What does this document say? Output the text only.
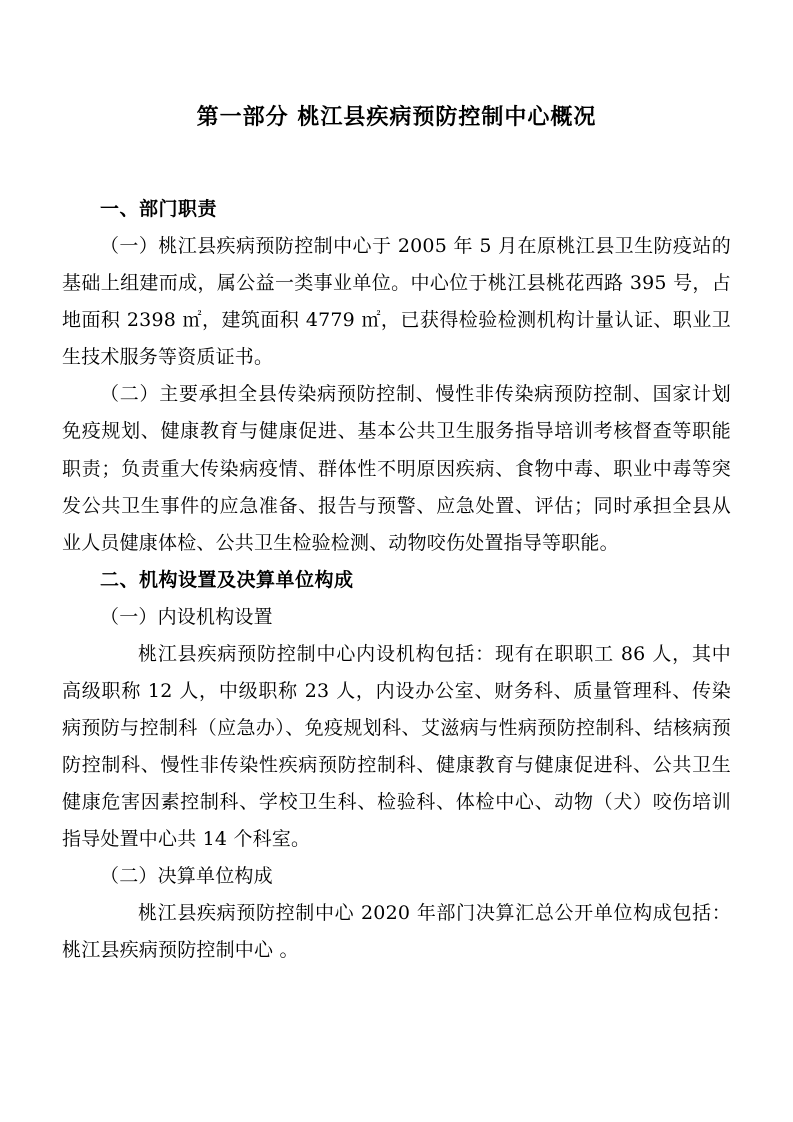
第一部分 桃江县疾病预防控制中心概况
一、部门职责

（一）桃江县疾病预防控制中心于 2005 年 5 月在原桃江县卫生防疫站的基础上组建而成，属公益一类事业单位。中心位于桃江县桃花西路 395 号，占地面积 2398 ㎡，建筑面积 4779 ㎡，已获得检验检测机构计量认证、职业卫生技术服务等资质证书。

（二）主要承担全县传染病预防控制、慢性非传染病预防控制、国家计划免疫规划、健康教育与健康促进、基本公共卫生服务指导培训考核督查等职能职责；负责重大传染病疫情、群体性不明原因疾病、食物中毒、职业中毒等突发公共卫生事件的应急准备、报告与预警、应急处置、评估；同时承担全县从业人员健康体检、公共卫生检验检测、动物咬伤处置指导等职能。

二、机构设置及决算单位构成

（一）内设机构设置

桃江县疾病预防控制中心内设机构包括：现有在职职工 86 人，其中高级职称 12 人，中级职称 23 人，内设办公室、财务科、质量管理科、传染病预防与控制科（应急办）、免疫规划科、艾滋病与性病预防控制科、结核病预防控制科、慢性非传染性疾病预防控制科、健康教育与健康促进科、公共卫生健康危害因素控制科、学校卫生科、检验科、体检中心、动物（犬）咬伤培训指导处置中心共 14 个科室。

（二）决算单位构成

桃江县疾病预防控制中心 2020 年部门决算汇总公开单位构成包括：桃江县疾病预防控制中心 。
